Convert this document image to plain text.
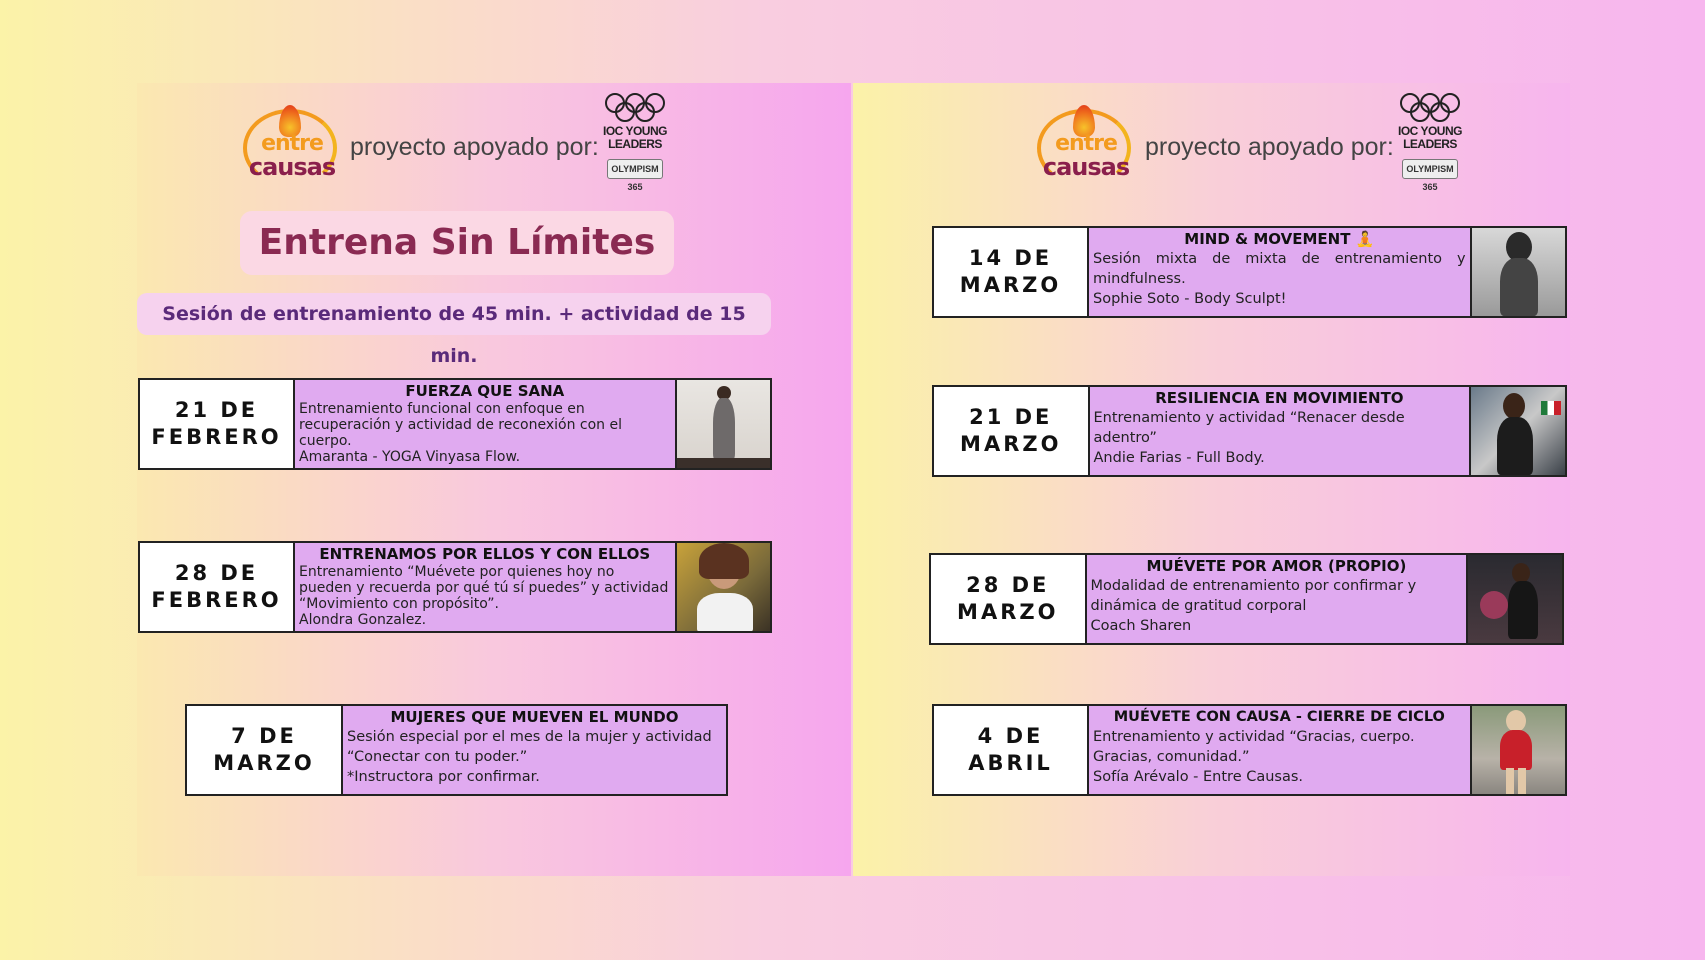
entre
causas
proyecto apoyado por:
IOC YOUNG
LEADERS
OLYMPISM 365
Entrena Sin Límites
Sesión de entrenamiento de 45 min. + actividad de 15 min.
21 DE
FEBRERO
FUERZA QUE SANA
Entrenamiento funcional con enfoque en recuperación y actividad de reconexión con el cuerpo.
Amaranta - YOGA Vinyasa Flow.
28 DE
FEBRERO
ENTRENAMOS POR ELLOS Y CON ELLOS
Entrenamiento “Muévete por quienes hoy no pueden y recuerda por qué tú sí puedes” y actividad “Movimiento con propósito”.
Alondra Gonzalez.
7 DE
MARZO
MUJERES QUE MUEVEN EL MUNDO
Sesión especial por el mes de la mujer y actividad “Conectar con tu poder.”
*Instructora por confirmar.
entre
causas
proyecto apoyado por:
IOC YOUNG
LEADERS
OLYMPISM 365
14 DE
MARZO
MIND & MOVEMENT 🧘
Sesión mixta de mixta de entrenamiento y mindfulness.
Sophie Soto - Body Sculpt!
21 DE
MARZO
RESILIENCIA EN MOVIMIENTO
Entrenamiento y actividad “Renacer desde adentro”
Andie Farias - Full Body.
28 DE
MARZO
MUÉVETE POR AMOR (PROPIO)
Modalidad de entrenamiento por confirmar y dinámica de gratitud corporal
Coach Sharen
4 DE
ABRIL
MUÉVETE CON CAUSA - CIERRE DE CICLO
Entrenamiento y actividad “Gracias, cuerpo. Gracias, comunidad.”
Sofía Arévalo - Entre Causas.
